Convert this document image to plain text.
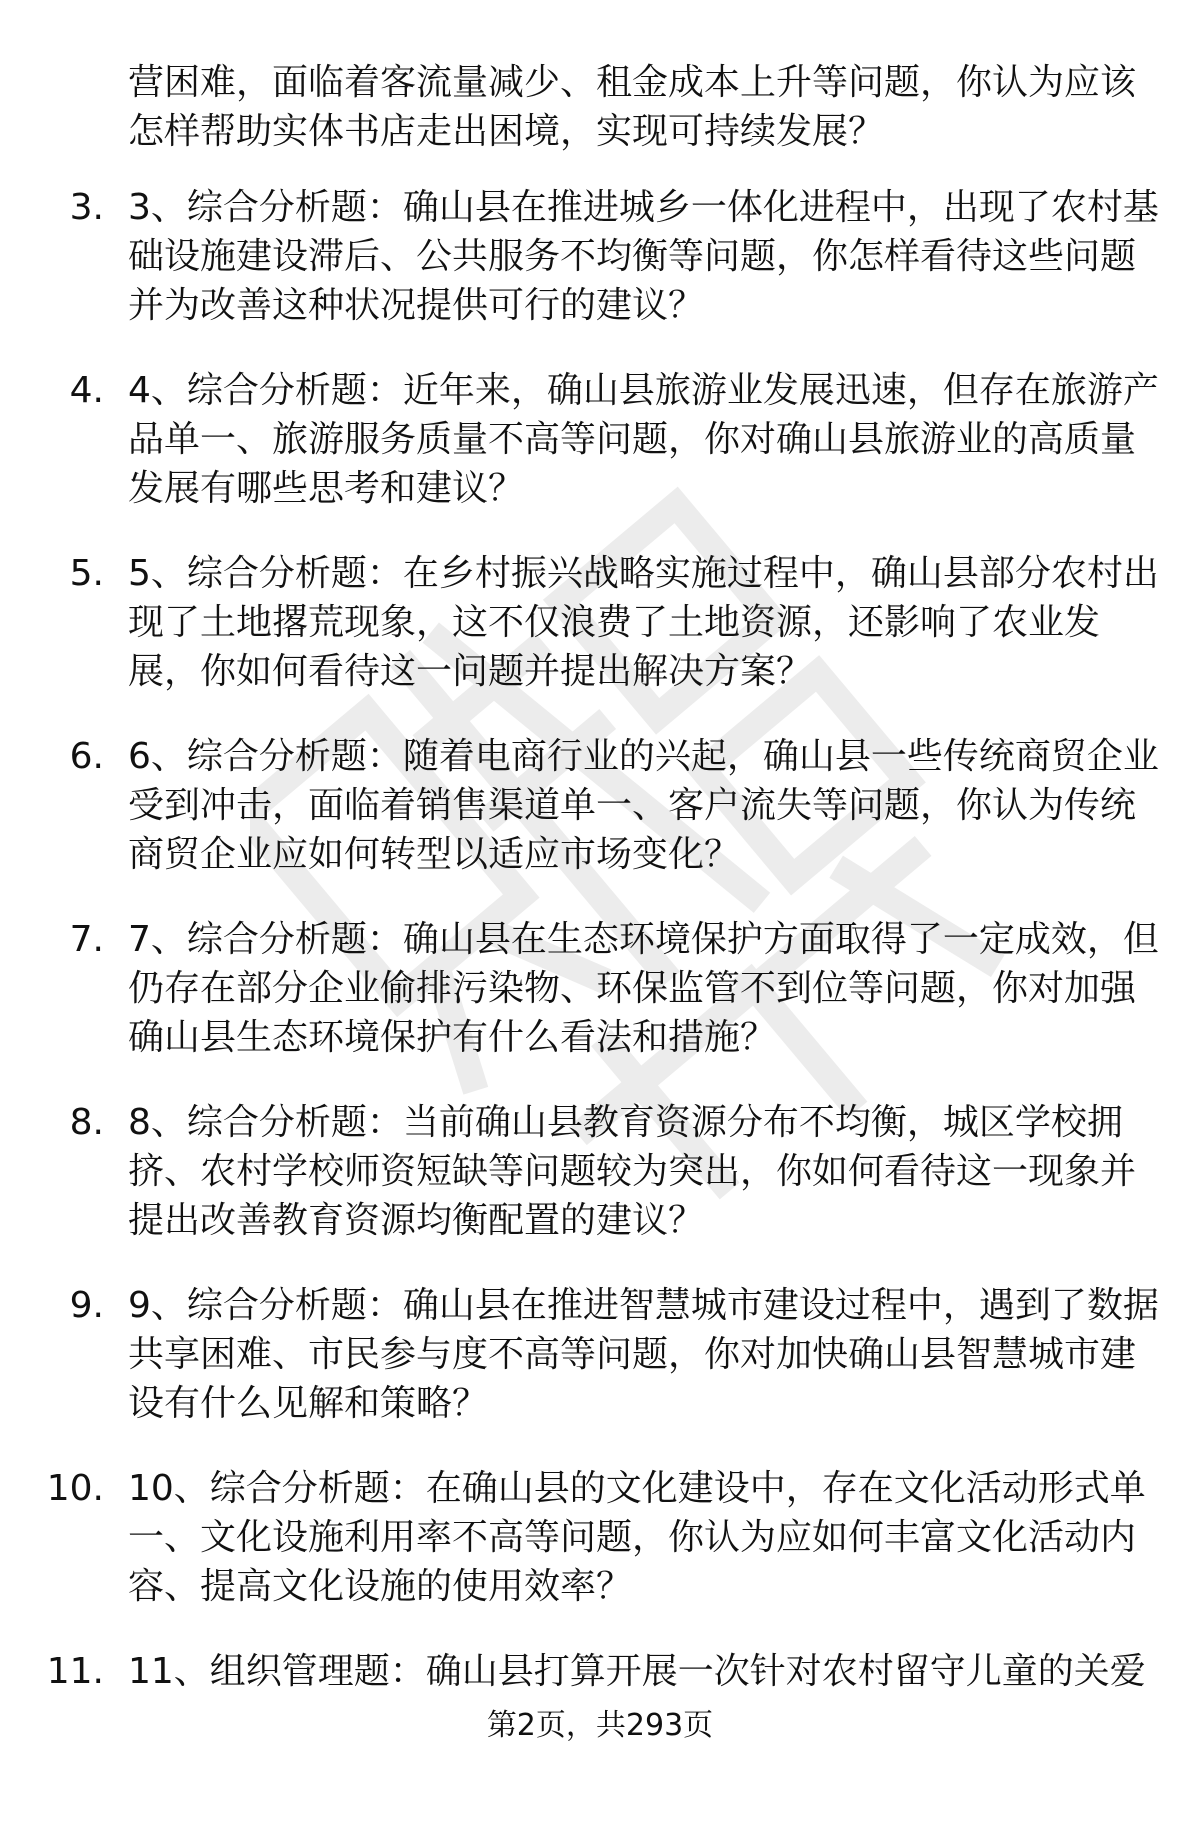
营困难，面临着客流量减少、租金成本上升等问题，你认为应该怎样帮助实体书店走出困境，实现可持续发展？

3. 3、综合分析题：确山县在推进城乡一体化进程中，出现了农村基础设施建设滞后、公共服务不均衡等问题，你怎样看待这些问题并为改善这种状况提供可行的建议？

4. 4、综合分析题：近年来，确山县旅游业发展迅速，但存在旅游产品单一、旅游服务质量不高等问题，你对确山县旅游业的高质量发展有哪些思考和建议？

5. 5、综合分析题：在乡村振兴战略实施过程中，确山县部分农村出现了土地撂荒现象，这不仅浪费了土地资源，还影响了农业发展，你如何看待这一问题并提出解决方案？

6. 6、综合分析题：随着电商行业的兴起，确山县一些传统商贸企业受到冲击，面临着销售渠道单一、客户流失等问题，你认为传统商贸企业应如何转型以适应市场变化？

7. 7、综合分析题：确山县在生态环境保护方面取得了一定成效，但仍存在部分企业偷排污染物、环保监管不到位等问题，你对加强确山县生态环境保护有什么看法和措施？

8. 8、综合分析题：当前确山县教育资源分布不均衡，城区学校拥挤、农村学校师资短缺等问题较为突出，你如何看待这一现象并提出改善教育资源均衡配置的建议？

9. 9、综合分析题：确山县在推进智慧城市建设过程中，遇到了数据共享困难、市民参与度不高等问题，你对加快确山县智慧城市建设有什么见解和策略？

10. 10、综合分析题：在确山县的文化建设中，存在文化活动形式单一、文化设施利用率不高等问题，你认为应如何丰富文化活动内容、提高文化设施的使用效率？

11. 11、组织管理题：确山县打算开展一次针对农村留守儿童的关爱

第2页，共293页
